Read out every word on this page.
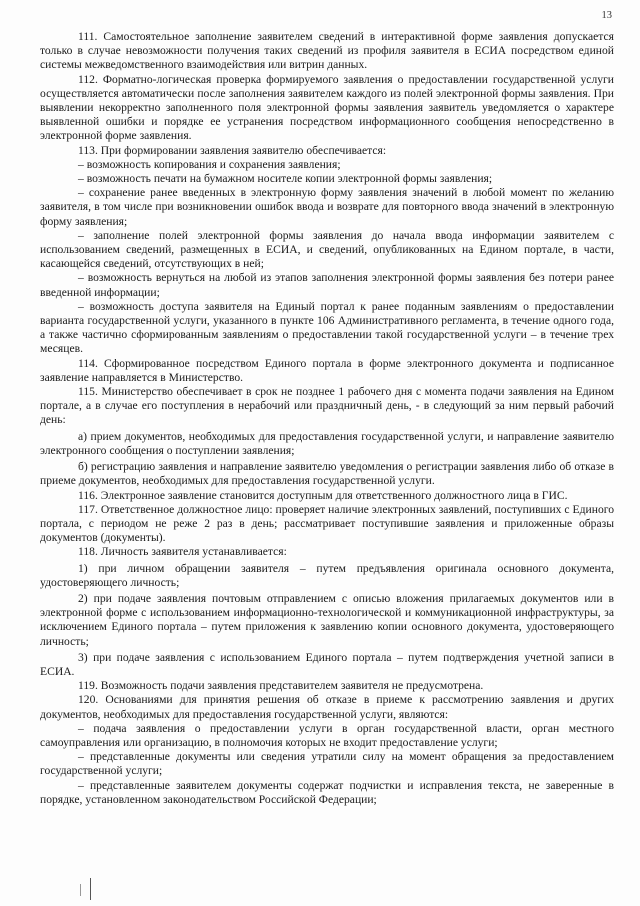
13

111. Самостоятельное заполнение заявителем сведений в интерактивной форме заявления допускается только в случае невозможности получения таких сведений из профиля заявителя в ЕСИА посредством единой системы межведомственного взаимодействия или витрин данных.

112. Форматно-логическая проверка формируемого заявления о предоставлении государственной услуги осуществляется автоматически после заполнения заявителем каждого из полей электронной формы заявления. При выявлении некорректно заполненного поля электронной формы заявления заявитель уведомляется о характере выявленной ошибки и порядке ее устранения посредством информационного сообщения непосредственно в электронной форме заявления.

113. При формировании заявления заявителю обеспечивается:

– возможность копирования и сохранения заявления;

– возможность печати на бумажном носителе копии электронной формы заявления;

– сохранение ранее введенных в электронную форму заявления значений в любой момент по желанию заявителя, в том числе при возникновении ошибок ввода и возврате для повторного ввода значений в электронную форму заявления;

– заполнение полей электронной формы заявления до начала ввода информации заявителем с использованием сведений, размещенных в ЕСИА, и сведений, опубликованных на Едином портале, в части, касающейся сведений, отсутствующих в ней;

– возможность вернуться на любой из этапов заполнения электронной формы заявления без потери ранее введенной информации;

– возможность доступа заявителя на Единый портал к ранее поданным заявлениям о предоставлении варианта государственной услуги, указанного в пункте 106 Административного регламента, в течение одного года, а также частично сформированным заявлениям о предоставлении такой государственной услуги – в течение трех месяцев.

114. Сформированное посредством Единого портала в форме электронного документа и подписанное заявление направляется в Министерство.

115. Министерство обеспечивает в срок не позднее 1 рабочего дня с момента подачи заявления на Едином портале, а в случае его поступления в нерабочий или праздничный день, - в следующий за ним первый рабочий день:

а) прием документов, необходимых для предоставления государственной услуги, и направление заявителю электронного сообщения о поступлении заявления;

б) регистрацию заявления и направление заявителю уведомления о регистрации заявления либо об отказе в приеме документов, необходимых для предоставления государственной услуги.

116. Электронное заявление становится доступным для ответственного должностного лица в ГИС.

117. Ответственное должностное лицо: проверяет наличие электронных заявлений, поступивших с Единого портала, с периодом не реже 2 раз в день; рассматривает поступившие заявления и приложенные образы документов (документы).

118. Личность заявителя устанавливается:

1) при личном обращении заявителя – путем предъявления оригинала основного документа, удостоверяющего личность;

2) при подаче заявления почтовым отправлением с описью вложения прилагаемых документов или в электронной форме с использованием информационно-технологической и коммуникационной инфраструктуры, за исключением Единого портала – путем приложения к заявлению копии основного документа, удостоверяющего личность;

3) при подаче заявления с использованием Единого портала – путем подтверждения учетной записи в ЕСИА.

119. Возможность подачи заявления представителем заявителя не предусмотрена.

120. Основаниями для принятия решения об отказе в приеме к рассмотрению заявления и других документов, необходимых для предоставления государственной услуги, являются:

– подача заявления о предоставлении услуги в орган государственной власти, орган местного самоуправления или организацию, в полномочия которых не входит предоставление услуги;

– представленные документы или сведения утратили силу на момент обращения за предоставлением государственной услуги;

– представленные заявителем документы содержат подчистки и исправления текста, не заверенные в порядке, установленном законодательством Российской Федерации;
